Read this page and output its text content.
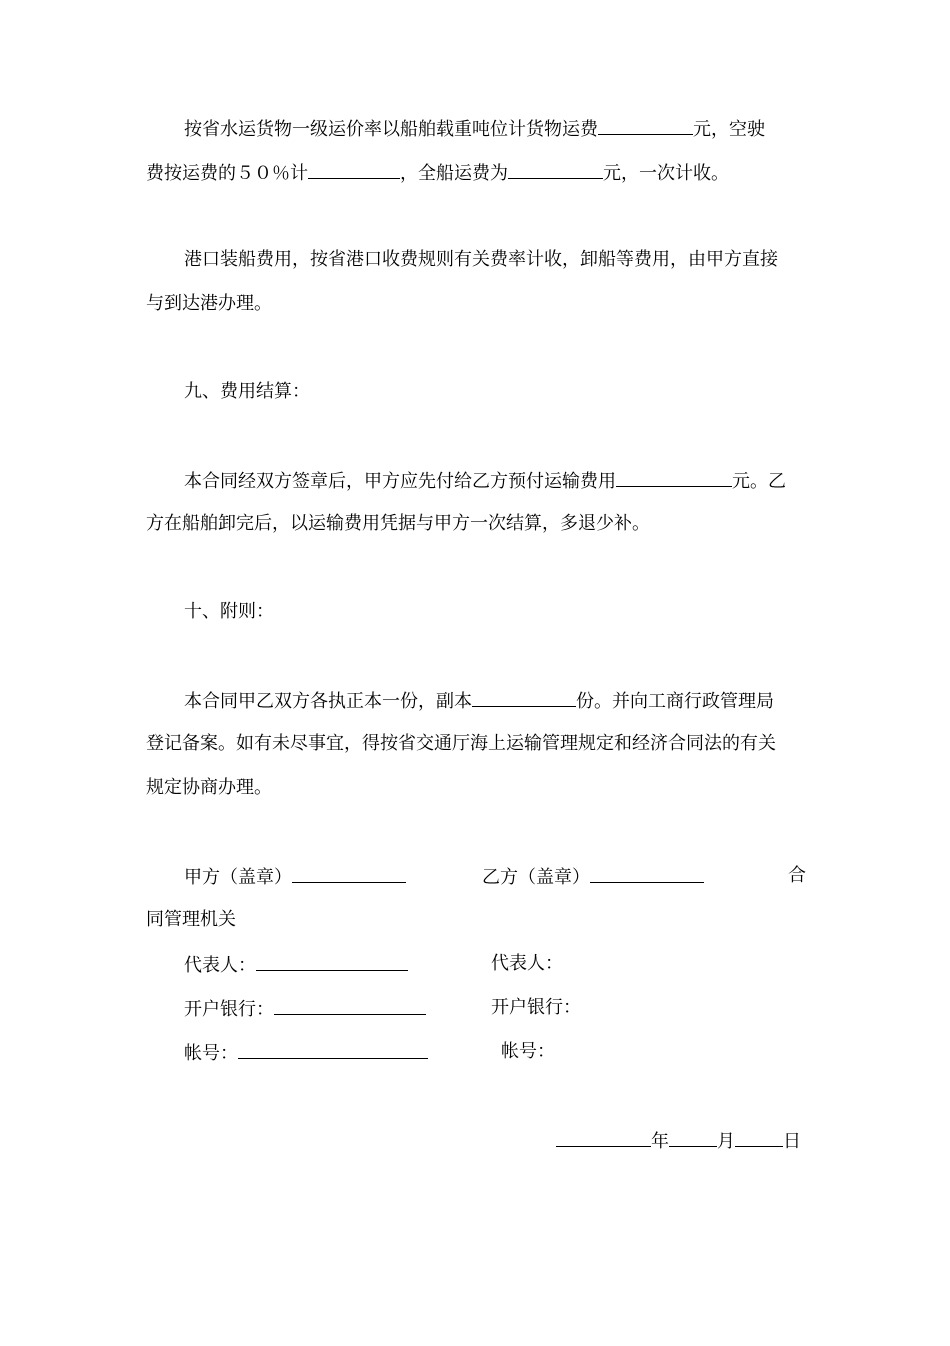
按省水运货物一级运价率以船舶载重吨位计货物运费	元，空驶
费按运费的５０％计	，全船运费为	元，一次计收。
港口装船费用，按省港口收费规则有关费率计收，卸船等费用，由甲方直接
与到达港办理。
九、费用结算：
本合同经双方签章后，甲方应先付给乙方预付运输费用	元。乙
方在船舶卸完后，以运输费用凭据与甲方一次结算，多退少补。
十、附则：
本合同甲乙双方各执正本一份，副本	份。并向工商行政管理局
登记备案。如有未尽事宜，得按省交通厅海上运输管理规定和经济合同法的有关
规定协商办理。
甲方（盖章）	乙方（盖章）	合
同管理机关
代表人：	代表人：
开户银行：	开户银行：
帐号：	帐号：
年	月	日
